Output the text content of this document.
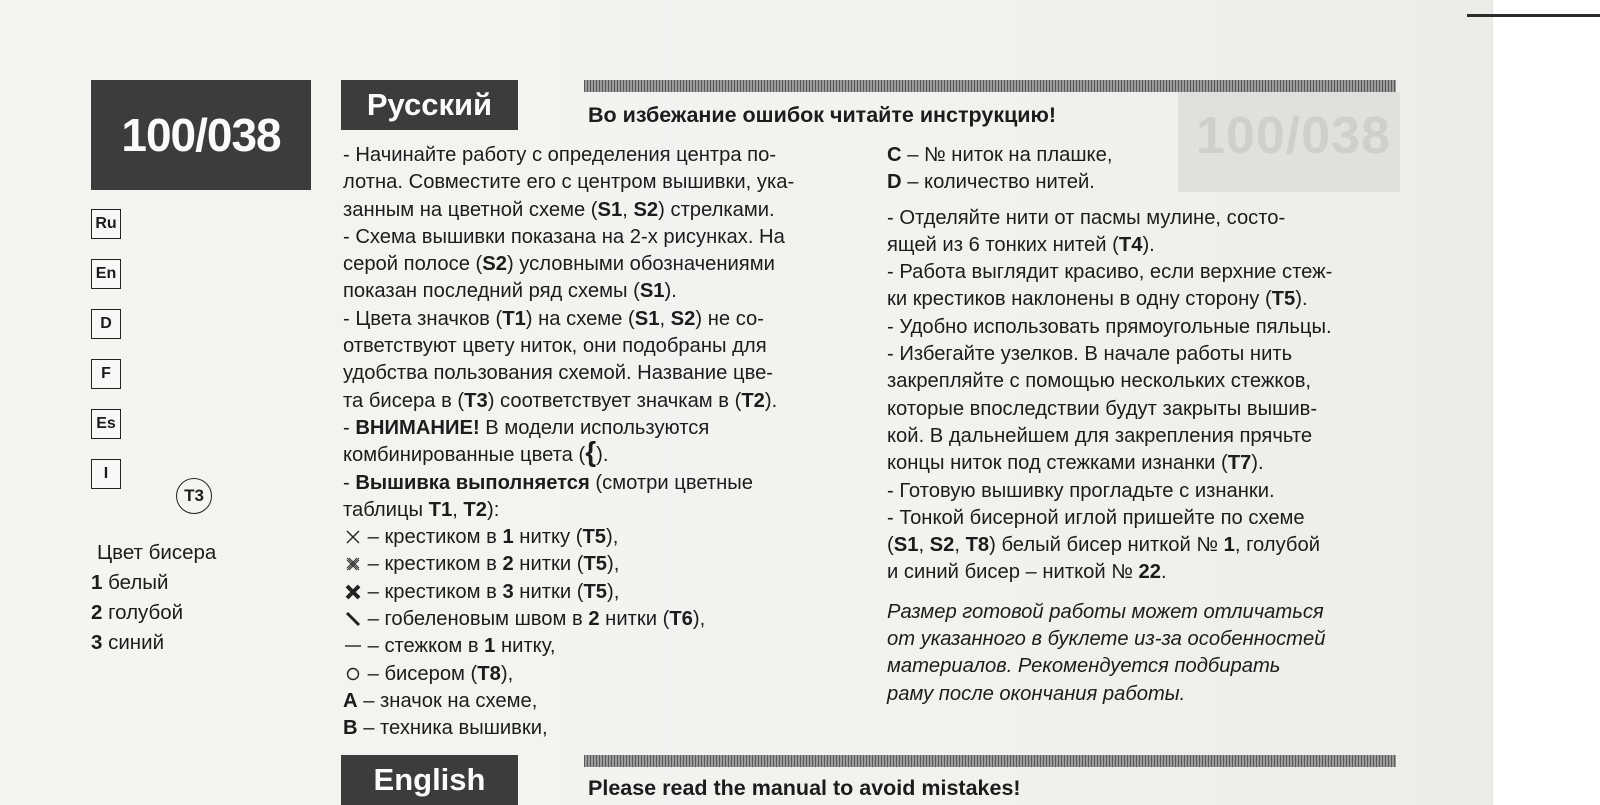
100/038
100/038
Русский	Во избежание ошибок читайте инструкцию!
Ru
En
D
F
Es
I
T3
Цвет бисера
1 белый
2 голубой
3 синий

- Начинайте работу с определения центра по-

лотна. Совместите его с центром вышивки, ука-

занным на цветной схеме (S1, S2) стрелками.

- Схема вышивки показана на 2-х рисунках. На

серой полосе (S2) условными обозначениями

показан последний ряд схемы (S1).

- Цвета значков (T1) на схеме (S1, S2) не со-

ответствуют цвету ниток, они подобраны для

удобства пользования схемой. Название цве-

та бисера в (T3) соответствует значкам в (T2).

- ВНИМАНИЕ! В модели используются

комбинированные цвета ({).

- Вышивка выполняется (смотри цветные

таблицы T1, T2):

– крестиком в 1 нитку (T5),

– крестиком в 2 нитки (T5),

– крестиком в 3 нитки (T5),

– гобеленовым швом в 2 нитки (T6),

– стежком в 1 нитку,

– бисером (T8),

A – значок на схеме,

B – техника вышивки,

C – № ниток на плашке,

D – количество нитей.

- Отделяйте нити от пасмы мулине, состо-

ящей из 6 тонких нитей (T4).

- Работа выглядит красиво, если верхние стеж-

ки крестиков наклонены в одну сторону (T5).

- Удобно использовать прямоугольные пяльцы.

- Избегайте узелков. В начале работы нить

закрепляйте с помощью нескольких стежков,

которые впоследствии будут закрыты вышив-

кой. В дальнейшем для закрепления прячьте

концы ниток под стежками изнанки (T7).

- Готовую вышивку прогладьте с изнанки.

- Тонкой бисерной иглой пришейте по схеме

(S1, S2, T8) белый бисер ниткой № 1, голубой

и синий бисер – ниткой № 22.

Размер готовой работы может отличаться

от указанного в буклете из-за особенностей

материалов. Рекомендуется подбирать

раму после окончания работы.

English	Please read the manual to avoid mistakes!
